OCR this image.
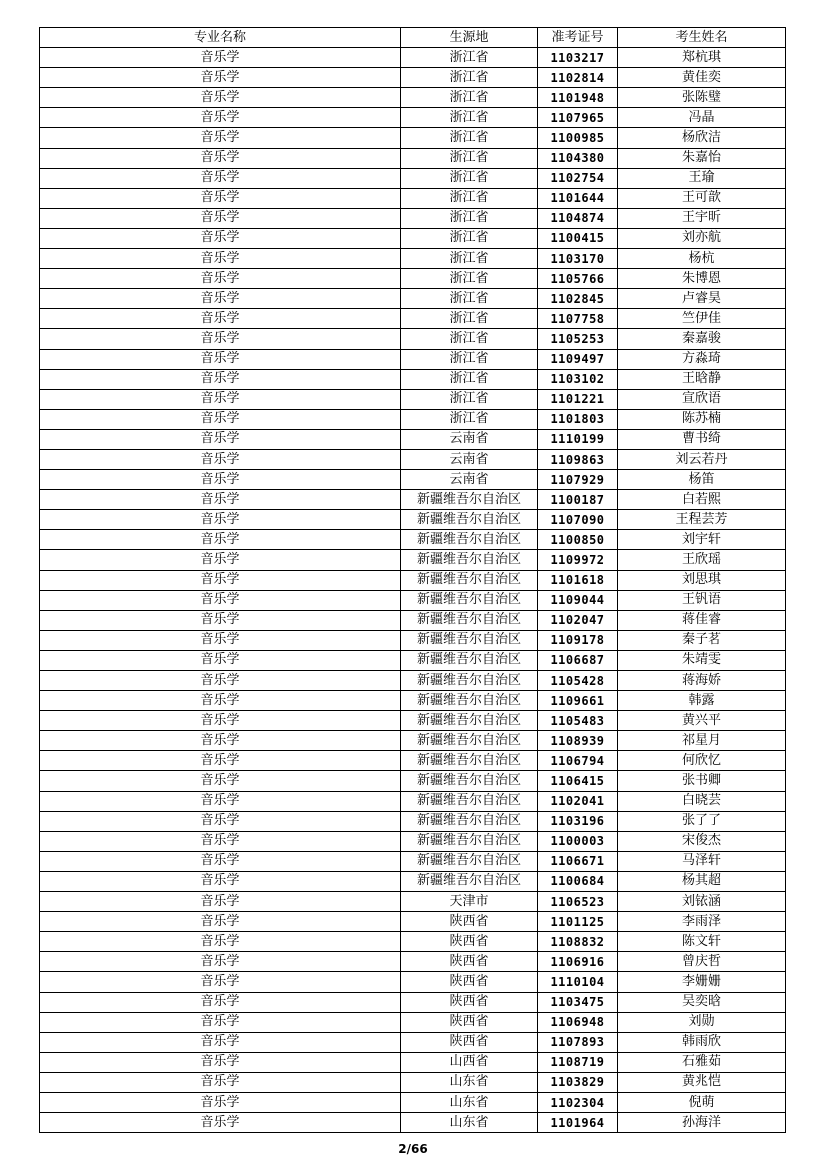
专业名称	生源地	准考证号	考生姓名
音乐学	浙江省	1103217	郑杭琪
音乐学	浙江省	1102814	黄佳奕
音乐学	浙江省	1101948	张陈璧
音乐学	浙江省	1107965	冯晶
音乐学	浙江省	1100985	杨欣洁
音乐学	浙江省	1104380	朱嘉怡
音乐学	浙江省	1102754	王瑜
音乐学	浙江省	1101644	王可歆
音乐学	浙江省	1104874	王宇昕
音乐学	浙江省	1100415	刘亦航
音乐学	浙江省	1103170	杨杭
音乐学	浙江省	1105766	朱博恩
音乐学	浙江省	1102845	卢睿昊
音乐学	浙江省	1107758	竺伊佳
音乐学	浙江省	1105253	秦嘉骏
音乐学	浙江省	1109497	方淼琦
音乐学	浙江省	1103102	王晗静
音乐学	浙江省	1101221	宣欣语
音乐学	浙江省	1101803	陈苏楠
音乐学	云南省	1110199	曹书绮
音乐学	云南省	1109863	刘云若丹
音乐学	云南省	1107929	杨笛
音乐学	新疆维吾尔自治区	1100187	白若熙
音乐学	新疆维吾尔自治区	1107090	王程芸芳
音乐学	新疆维吾尔自治区	1100850	刘宇轩
音乐学	新疆维吾尔自治区	1109972	王欣瑶
音乐学	新疆维吾尔自治区	1101618	刘思琪
音乐学	新疆维吾尔自治区	1109044	王钒语
音乐学	新疆维吾尔自治区	1102047	蒋佳睿
音乐学	新疆维吾尔自治区	1109178	秦子茗
音乐学	新疆维吾尔自治区	1106687	朱靖雯
音乐学	新疆维吾尔自治区	1105428	蒋海娇
音乐学	新疆维吾尔自治区	1109661	韩露
音乐学	新疆维吾尔自治区	1105483	黄兴平
音乐学	新疆维吾尔自治区	1108939	祁星月
音乐学	新疆维吾尔自治区	1106794	何欣忆
音乐学	新疆维吾尔自治区	1106415	张书卿
音乐学	新疆维吾尔自治区	1102041	白晓芸
音乐学	新疆维吾尔自治区	1103196	张了了
音乐学	新疆维吾尔自治区	1100003	宋俊杰
音乐学	新疆维吾尔自治区	1106671	马泽轩
音乐学	新疆维吾尔自治区	1100684	杨其超
音乐学	天津市	1106523	刘铱涵
音乐学	陕西省	1101125	李雨泽
音乐学	陕西省	1108832	陈文轩
音乐学	陕西省	1106916	曾庆哲
音乐学	陕西省	1110104	李姗姗
音乐学	陕西省	1103475	吴奕晗
音乐学	陕西省	1106948	刘勋
音乐学	陕西省	1107893	韩雨欣
音乐学	山西省	1108719	石雅茹
音乐学	山东省	1103829	黄兆恺
音乐学	山东省	1102304	倪萌
音乐学	山东省	1101964	孙海洋
2/66
